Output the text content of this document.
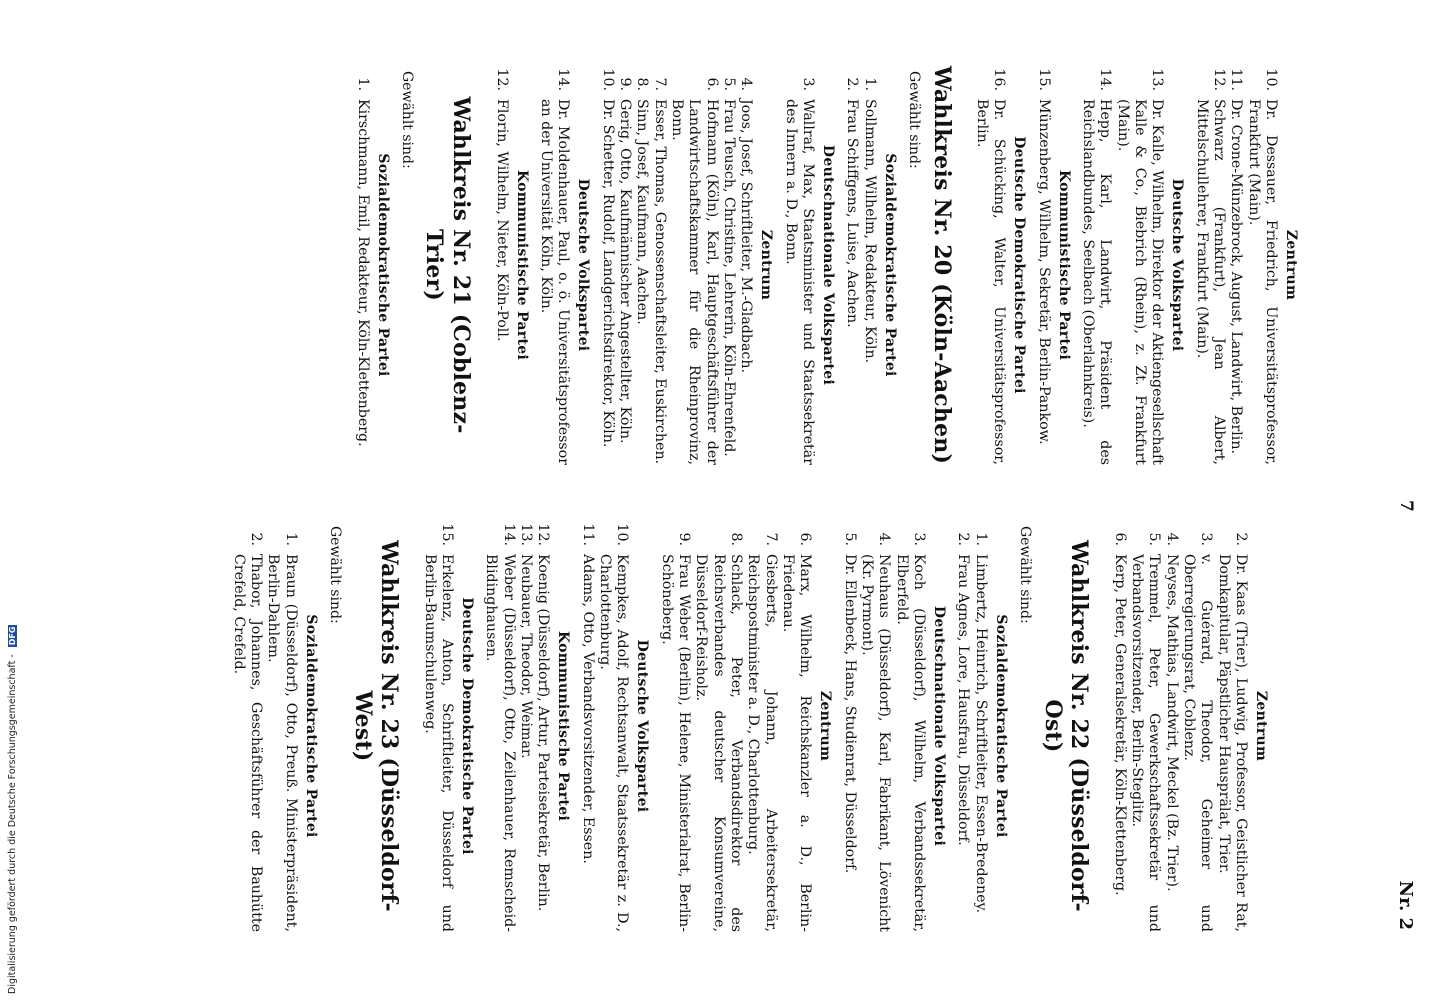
7
Nr. 2
Zentrum
10.
Dr. Dessauer, Friedrich, Universitätsprofessor, Frankfurt (Main).
11.
Dr. Crone-Münzebrock, August, Landwirt, Berlin.
12.
Schwarz (Frankfurt), Jean Albert, Mittelschullehrer, Frankfurt (Main).
Deutsche Volkspartei
13.
Dr. Kalle, Wilhelm, Direktor der Aktiengesellschaft Kalle & Co., Biebrich (Rhein), z. Zt. Frankfurt (Main).
14.
Hepp, Karl, Landwirt, Präsident des Reichslandbundes, Seelbach (Oberlahnkreis).
Kommunistische Partei
15.
Münzenberg, Wilhelm, Sekretär, Berlin-Pankow.
Deutsche Demokratische Partei
16.
Dr. Schücking, Walter, Universitätsprofessor, Berlin.
Wahlkreis Nr. 20 (Köln-Aachen)
Gewählt sind:
Sozialdemokratische Partei
1.
Sollmann, Wilhelm, Redakteur, Köln.
2.
Frau Schiffgens, Luise, Aachen.
Deutschnationale Volkspartei
3.
Wallraf, Max, Staatsminister und Staatssekretär des Innern a. D., Bonn.
Zentrum
4.
Joos, Josef, Schriftleiter, M.-Gladbach.
5.
Frau Teusch, Christine, Lehrerin, Köln-Ehrenfeld.
6.
Hofmann (Köln), Karl, Hauptgeschäftsführer der Landwirtschaftskammer für die Rheinprovinz, Bonn.
7.
Esser, Thomas, Genossenschaftsleiter, Euskirchen.
8.
Sinn, Josef, Kaufmann, Aachen.
9.
Gerig, Otto, Kaufmännischer Angestellter, Köln.
10.
Dr. Schetter, Rudolf, Landgerichtsdirektor, Köln.
Deutsche Volkspartei
14.
Dr. Moldenhauer, Paul, o. ö. Universitätsprofessor an der Universität Köln, Köln.
Kommunistische Partei
12.
Florin, Wilhelm, Nieter, Köln-Poll.
Wahlkreis Nr. 21 (Coblenz-Trier)
Gewählt sind:
Sozialdemokratische Partei
1.
Kirschmann, Emil, Redakteur, Köln-Klettenberg.
Zentrum
2.
Dr. Kaas (Trier), Ludwig, Professor, Geistlicher Rat, Domkapitular, Päpstlicher Hausprälat, Trier.
3.
v. Guérard, Theodor, Geheimer und Oberregierungsrat, Coblenz.
4.
Neyses, Mathias, Landwirt, Meckel (Bz. Trier).
5.
Tremmel, Peter, Gewerkschaftssekretär und Verbandsvorsitzender, Berlin-Steglitz.
6.
Kerp, Peter, Generalsekretär, Köln-Klettenberg.
Wahlkreis Nr. 22 (Düsseldorf-Ost)
Gewählt sind:
Sozialdemokratische Partei
1.
Limbertz, Heinrich, Schriftleiter, Essen-Bredeney.
2.
Frau Agnes, Lore, Hausfrau, Düsseldorf.
Deutschnationale Volkspartei
3.
Koch (Düsseldorf), Wilhelm, Verbandssekretär, Elberfeld.
4.
Neuhaus (Düsseldorf), Karl, Fabrikant, Lövenicht (Kr. Pyrmont).
5.
Dr. Ellenbeck, Hans, Studienrat, Düsseldorf.
Zentrum
6.
Marx, Wilhelm, Reichskanzler a. D., Berlin-Friedenau.
7.
Giesberts, Johann, Arbeitersekretär, Reichspostminister a. D., Charlottenburg.
8.
Schlack, Peter, Verbandsdirektor des Reichsverbandes deutscher Konsumvereine, Düsseldorf-Reisholz.
9.
Frau Weber (Berlin), Helene, Ministerialrat, Berlin-Schöneberg.
Deutsche Volkspartei
10.
Kempkes, Adolf, Rechtsanwalt, Staatssekretär z. D., Charlottenburg.
11.
Adams, Otto, Verbandsvorsitzender, Essen.
Kommunistische Partei
12.
Koenig (Düsseldorf), Artur, Parteisekretär, Berlin.
13.
Neubauer, Theodor, Weimar.
14.
Weber (Düsseldorf), Otto, Zeilenhauer, Remscheid-Blidinghausen.
Deutsche Demokratische Partei
15.
Erkelenz, Anton, Schriftleiter, Düsseldorf und Berlin-Baumschulenweg.
Wahlkreis Nr. 23 (Düsseldorf-West)
Gewählt sind:
Sozialdemokratische Partei
1.
Braun (Düsseldorf), Otto, Preuß. Ministerpräsident, Berlin-Dahlem.
2.
Thabor, Johannes, Geschäftsführer der Bauhütte Crefeld, Crefeld.
Digitalisierung gefördert durch die Deutsche Forschungsgemeinschaft - DFG
